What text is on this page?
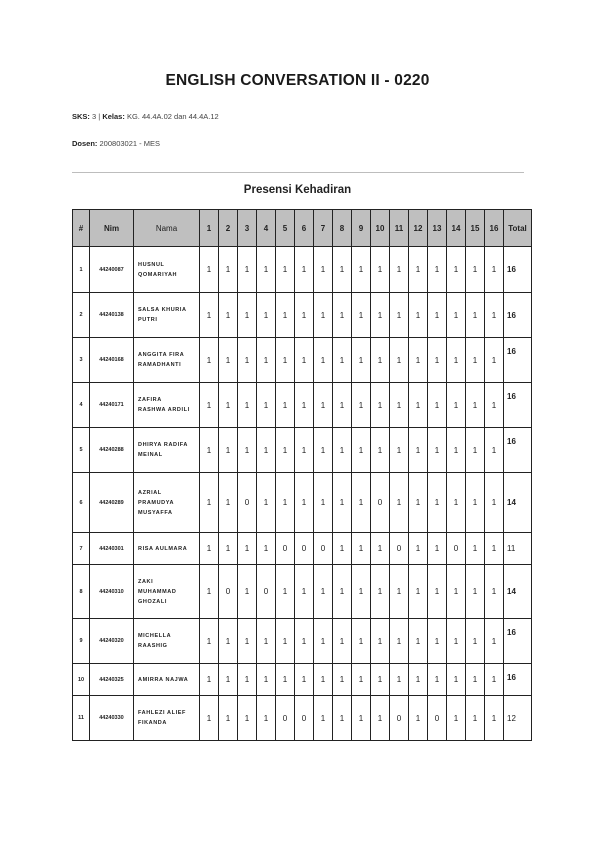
ENGLISH CONVERSATION II - 0220
SKS: 3 | Kelas: KG. 44.4A.02 dan 44.4A.12
Dosen: 200803021 - MES
Presensi Kehadiran
#	Nim	Nama	1	2	3	4	5	6	7	8	9	10	11	12	13	14	15	16	Total
1	44240087	HUSNUL
QOMARIYAH	1	1	1	1	1	1	1	1	1	1	1	1	1	1	1	1	16
2	44240138	SALSA KHURIA
PUTRI	1	1	1	1	1	1	1	1	1	1	1	1	1	1	1	1	16
3	44240168	ANGGITA FIRA
RAMADHANTI	1	1	1	1	1	1	1	1	1	1	1	1	1	1	1	1	16
4	44240171	ZAFIRA
RASHWA ARDILI	1	1	1	1	1	1	1	1	1	1	1	1	1	1	1	1	16
5	44240288	DHIRYA RADIFA
MEINAL	1	1	1	1	1	1	1	1	1	1	1	1	1	1	1	1	16
6	44240289	AZRIAL
PRAMUDYA
MUSYAFFA	1	1	0	1	1	1	1	1	1	0	1	1	1	1	1	1	14
7	44240301	RISA AULMARA	1	1	1	1	0	0	0	1	1	1	0	1	1	0	1	1	11
8	44240310	ZAKI
MUHAMMAD
GHOZALI	1	0	1	0	1	1	1	1	1	1	1	1	1	1	1	1	14
9	44240320	MICHELLA
RAASHIG	1	1	1	1	1	1	1	1	1	1	1	1	1	1	1	1	16
10	44240325	AMIRRA NAJWA	1	1	1	1	1	1	1	1	1	1	1	1	1	1	1	1	16
11	44240330	FAHLEZI ALIEF
FIKANDA	1	1	1	1	0	0	1	1	1	1	0	1	0	1	1	1	12
